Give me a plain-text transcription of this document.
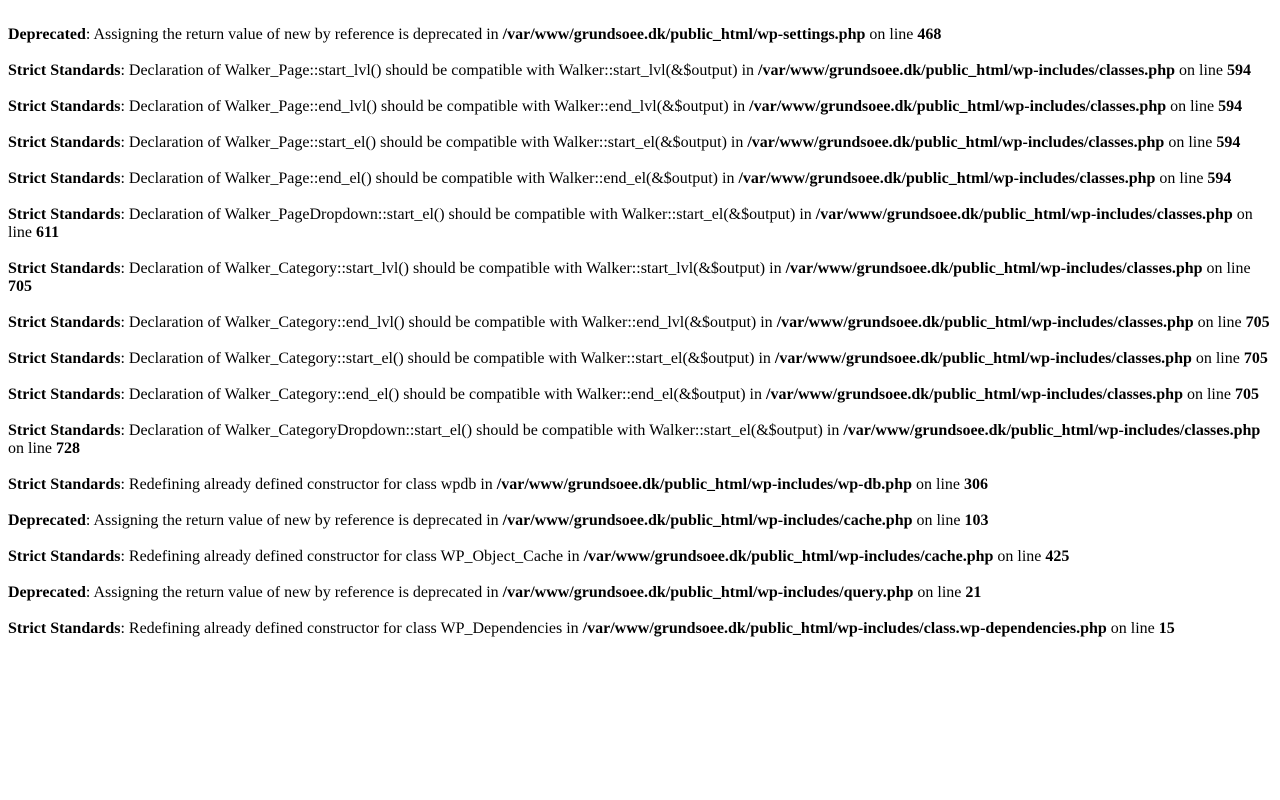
Deprecated: Assigning the return value of new by reference is deprecated in /var/www/grundsoee.dk/public_html/wp-settings.php on line 468
Strict Standards: Declaration of Walker_Page::start_lvl() should be compatible with Walker::start_lvl(&$output) in /var/www/grundsoee.dk/public_html/wp-includes/classes.php on line 594
Strict Standards: Declaration of Walker_Page::end_lvl() should be compatible with Walker::end_lvl(&$output) in /var/www/grundsoee.dk/public_html/wp-includes/classes.php on line 594
Strict Standards: Declaration of Walker_Page::start_el() should be compatible with Walker::start_el(&$output) in /var/www/grundsoee.dk/public_html/wp-includes/classes.php on line 594
Strict Standards: Declaration of Walker_Page::end_el() should be compatible with Walker::end_el(&$output) in /var/www/grundsoee.dk/public_html/wp-includes/classes.php on line 594
Strict Standards: Declaration of Walker_PageDropdown::start_el() should be compatible with Walker::start_el(&$output) in /var/www/grundsoee.dk/public_html/wp-includes/classes.php on line 611
Strict Standards: Declaration of Walker_Category::start_lvl() should be compatible with Walker::start_lvl(&$output) in /var/www/grundsoee.dk/public_html/wp-includes/classes.php on line 705
Strict Standards: Declaration of Walker_Category::end_lvl() should be compatible with Walker::end_lvl(&$output) in /var/www/grundsoee.dk/public_html/wp-includes/classes.php on line 705
Strict Standards: Declaration of Walker_Category::start_el() should be compatible with Walker::start_el(&$output) in /var/www/grundsoee.dk/public_html/wp-includes/classes.php on line 705
Strict Standards: Declaration of Walker_Category::end_el() should be compatible with Walker::end_el(&$output) in /var/www/grundsoee.dk/public_html/wp-includes/classes.php on line 705
Strict Standards: Declaration of Walker_CategoryDropdown::start_el() should be compatible with Walker::start_el(&$output) in /var/www/grundsoee.dk/public_html/wp-includes/classes.php on line 728
Strict Standards: Redefining already defined constructor for class wpdb in /var/www/grundsoee.dk/public_html/wp-includes/wp-db.php on line 306
Deprecated: Assigning the return value of new by reference is deprecated in /var/www/grundsoee.dk/public_html/wp-includes/cache.php on line 103
Strict Standards: Redefining already defined constructor for class WP_Object_Cache in /var/www/grundsoee.dk/public_html/wp-includes/cache.php on line 425
Deprecated: Assigning the return value of new by reference is deprecated in /var/www/grundsoee.dk/public_html/wp-includes/query.php on line 21
Strict Standards: Redefining already defined constructor for class WP_Dependencies in /var/www/grundsoee.dk/public_html/wp-includes/class.wp-dependencies.php on line 15
